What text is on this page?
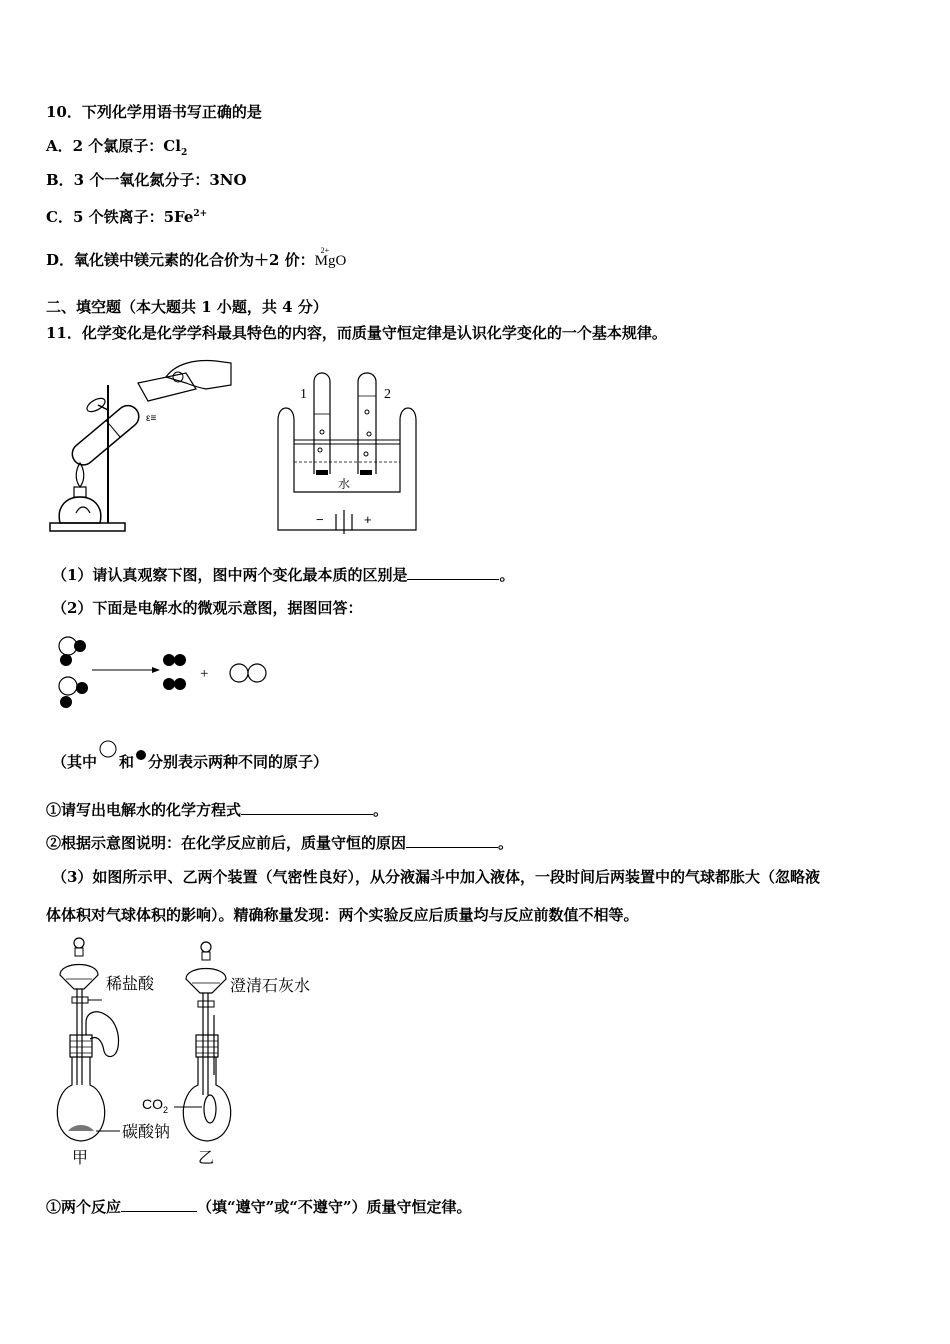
10．下列化学用语书写正确的是
A．2 个氯原子：$Cl_2$
B．3 个一氧化氮分子：3NO
C．5 个铁离子：$5Fe^{2+}$
D．氧化镁中镁元素的化合价为＋2 价：
2+
MgO
二、填空题（本大题共 1 小题，共 4 分）
11．化学变化是化学学科最具特色的内容，而质量守恒定律是认识化学变化的一个基本规律。
ε≡
1	2
水
−	+
（1）请认真观察下图，图中两个变化最本质的区别是	。
（2）下面是电解水的微观示意图，据图回答：
+
（其中 和 分别表示两种不同的原子）
①请写出电解水的化学方程式	。
②根据示意图说明：在化学反应前后，质量守恒的原因	。
（3）如图所示甲、乙两个装置（气密性良好），从分液漏斗中加入液体，一段时间后两装置中的气球都胀大（忽略液
体体积对气球体积的影响）。精确称量发现：两个实验反应后质量均与反应前数值不相等。
稀盐酸
碳酸钠
甲
澄清石灰水
$CO_2$
乙
①两个反应	（填“遵守”或“不遵守”）质量守恒定律。
